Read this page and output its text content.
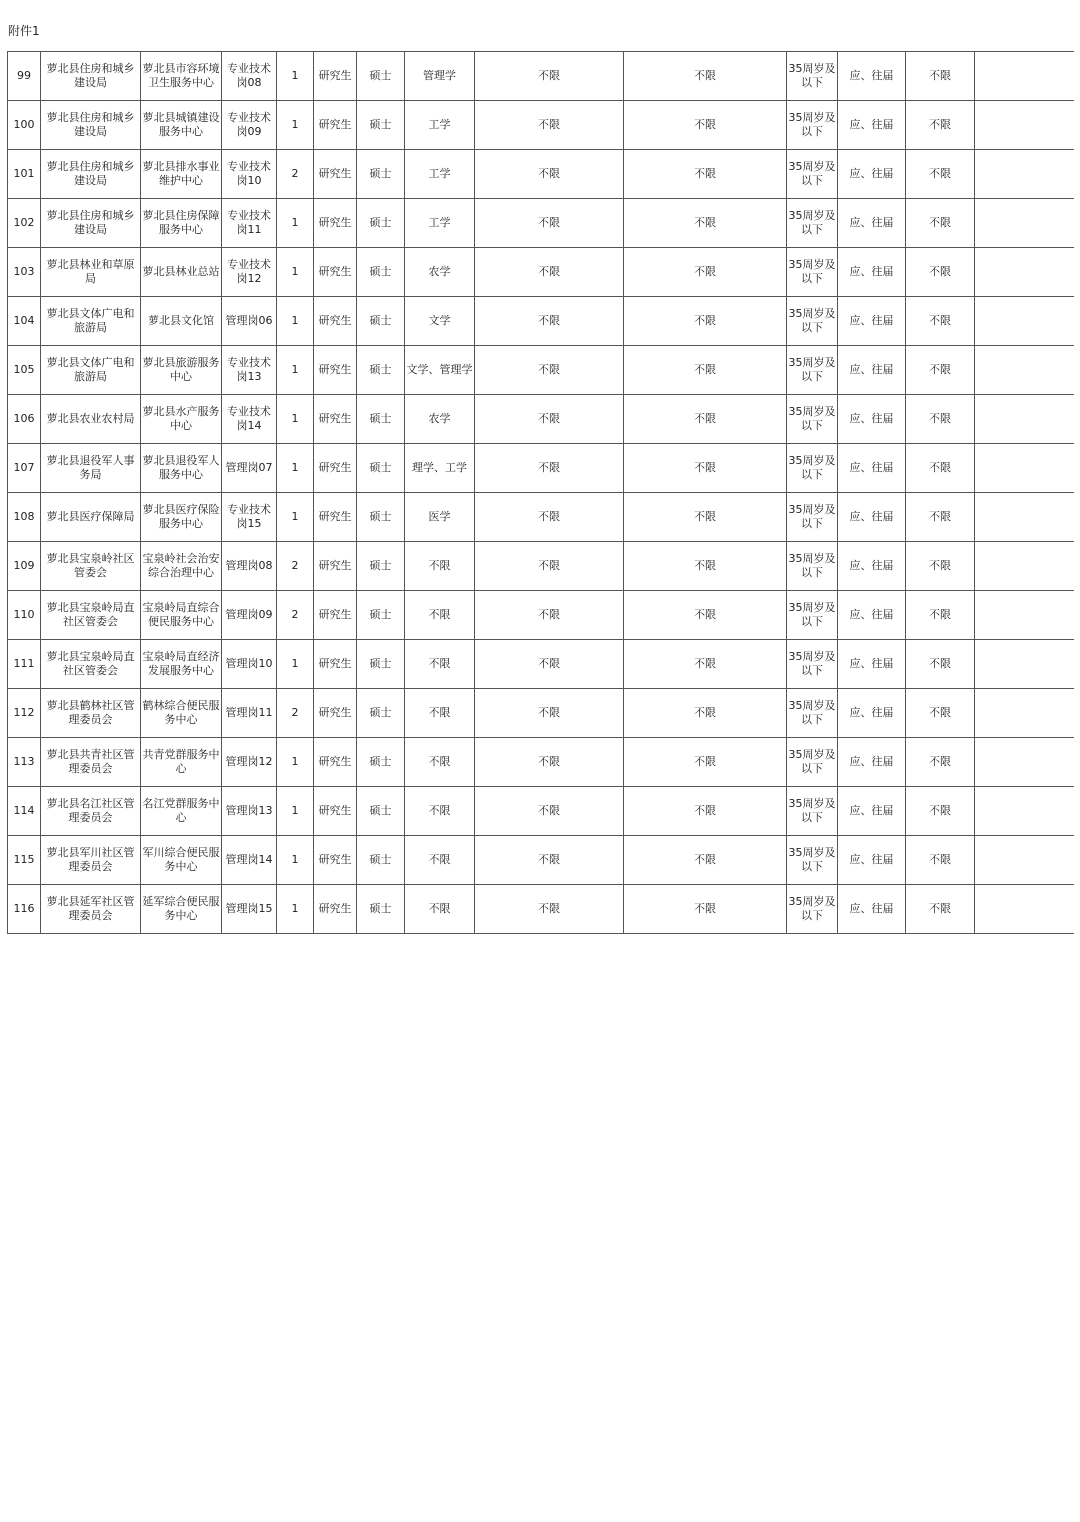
附件1
99	萝北县住房和城乡建设局	萝北县市容环境卫生服务中心	专业技术岗08	1	研究生	硕士	管理学	不限	不限	35周岁及以下	应、往届	不限	
100	萝北县住房和城乡建设局	萝北县城镇建设服务中心	专业技术岗09	1	研究生	硕士	工学	不限	不限	35周岁及以下	应、往届	不限	
101	萝北县住房和城乡建设局	萝北县排水事业维护中心	专业技术岗10	2	研究生	硕士	工学	不限	不限	35周岁及以下	应、往届	不限	
102	萝北县住房和城乡建设局	萝北县住房保障服务中心	专业技术岗11	1	研究生	硕士	工学	不限	不限	35周岁及以下	应、往届	不限	
103	萝北县林业和草原局	萝北县林业总站	专业技术岗12	1	研究生	硕士	农学	不限	不限	35周岁及以下	应、往届	不限	
104	萝北县文体广电和旅游局	萝北县文化馆	管理岗06	1	研究生	硕士	文学	不限	不限	35周岁及以下	应、往届	不限	
105	萝北县文体广电和旅游局	萝北县旅游服务中心	专业技术岗13	1	研究生	硕士	文学、管理学	不限	不限	35周岁及以下	应、往届	不限	
106	萝北县农业农村局	萝北县水产服务中心	专业技术岗14	1	研究生	硕士	农学	不限	不限	35周岁及以下	应、往届	不限	
107	萝北县退役军人事务局	萝北县退役军人服务中心	管理岗07	1	研究生	硕士	理学、工学	不限	不限	35周岁及以下	应、往届	不限	
108	萝北县医疗保障局	萝北县医疗保险服务中心	专业技术岗15	1	研究生	硕士	医学	不限	不限	35周岁及以下	应、往届	不限	
109	萝北县宝泉岭社区管委会	宝泉岭社会治安综合治理中心	管理岗08	2	研究生	硕士	不限	不限	不限	35周岁及以下	应、往届	不限	
110	萝北县宝泉岭局直社区管委会	宝泉岭局直综合便民服务中心	管理岗09	2	研究生	硕士	不限	不限	不限	35周岁及以下	应、往届	不限	
111	萝北县宝泉岭局直社区管委会	宝泉岭局直经济发展服务中心	管理岗10	1	研究生	硕士	不限	不限	不限	35周岁及以下	应、往届	不限	
112	萝北县鹤林社区管理委员会	鹤林综合便民服务中心	管理岗11	2	研究生	硕士	不限	不限	不限	35周岁及以下	应、往届	不限	
113	萝北县共青社区管理委员会	共青党群服务中心	管理岗12	1	研究生	硕士	不限	不限	不限	35周岁及以下	应、往届	不限	
114	萝北县名江社区管理委员会	名江党群服务中心	管理岗13	1	研究生	硕士	不限	不限	不限	35周岁及以下	应、往届	不限	
115	萝北县军川社区管理委员会	军川综合便民服务中心	管理岗14	1	研究生	硕士	不限	不限	不限	35周岁及以下	应、往届	不限	
116	萝北县延军社区管理委员会	延军综合便民服务中心	管理岗15	1	研究生	硕士	不限	不限	不限	35周岁及以下	应、往届	不限	
